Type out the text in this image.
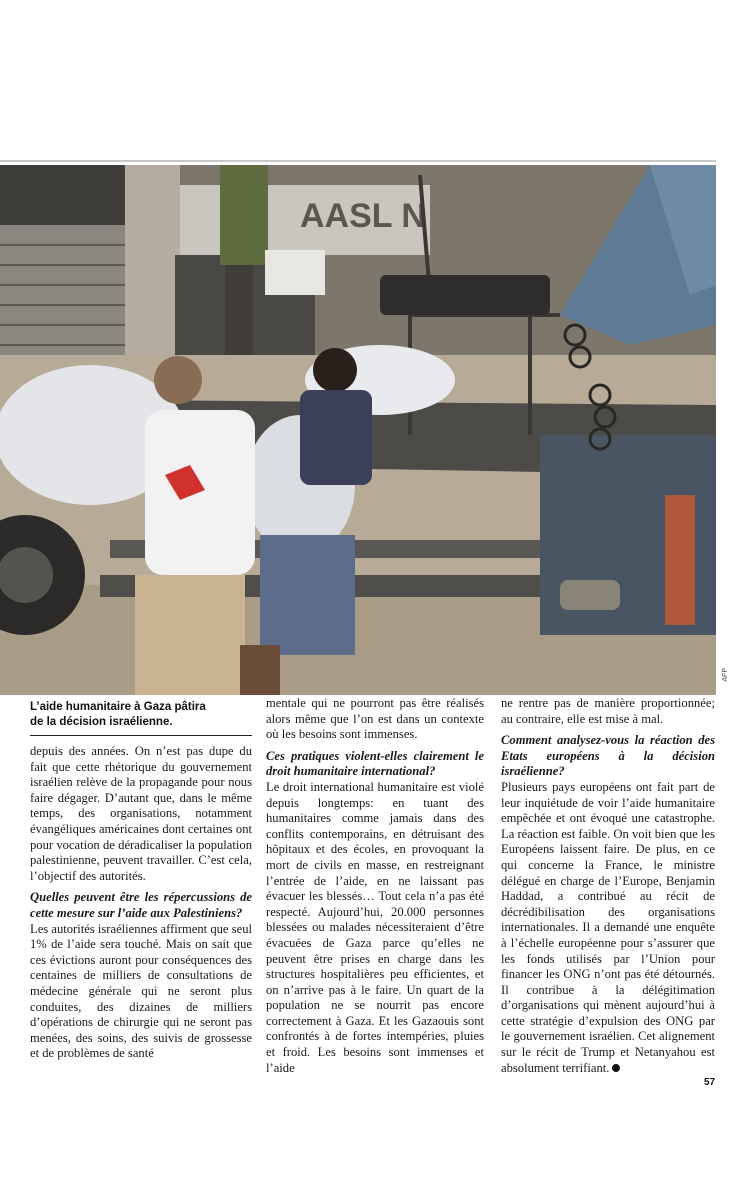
AASL N
AFP
L’aide humanitaire à Gaza pâtira
de la décision israélienne.

depuis des années. On n’est pas dupe du fait que cette rhétorique du gouvernement israélien relève de la propagande pour nous faire dégager. D’autant que, dans le même temps, des organisations, notamment évangéliques américaines dont certaines ont pour vocation de déradicaliser la population palestinienne, peuvent travailler. C’est cela, l’objectif des autorités.

Quelles peuvent être les répercussions de cette mesure sur l’aide aux Palestiniens?

Les autorités israéliennes affirment que seul 1% de l’aide sera touché. Mais on sait que ces évictions auront pour conséquences des centaines de milliers de consultations de médecine générale qui ne seront plus conduites, des dizaines de milliers d’opérations de chirurgie qui ne seront pas menées, des soins, des suivis de grossesse et de problèmes de santé

mentale qui ne pourront pas être réalisés alors même que l’on est dans un contexte où les besoins sont immenses.

Ces pratiques violent-elles clairement le droit humanitaire international?

Le droit international humanitaire est violé depuis longtemps: en tuant des humanitaires comme jamais dans des conflits contemporains, en détruisant des hôpitaux et des écoles, en provoquant la mort de civils en masse, en restreignant l’entrée de l’aide, en ne laissant pas évacuer les blessés… Tout cela n’a pas été respecté. Aujourd’hui, 20.000 personnes blessées ou malades nécessiteraient d’être évacuées de Gaza parce qu’elles ne peuvent être prises en charge dans les structures hospitalières peu efficientes, et on n’arrive pas à le faire. Un quart de la population ne se nourrit pas encore correctement à Gaza. Et les Gazaouis sont confrontés à de fortes intempéries, pluies et froid. Les besoins sont immenses et l’aide

ne rentre pas de manière proportionnée; au contraire, elle est mise à mal.

Comment analysez-vous la réaction des Etats européens à la décision israélienne?

Plusieurs pays européens ont fait part de leur inquiétude de voir l’aide humanitaire empêchée et ont évoqué une catastrophe. La réaction est faible. On voit bien que les Européens laissent faire. De plus, en ce qui concerne la France, le ministre délégué en charge de l’Europe, Benjamin Haddad, a contribué au récit de décrédibilisation des organisations internationales. Il a demandé une enquête à l’échelle européenne pour s’assurer que les fonds utilisés par l’Union pour financer les ONG n’ont pas été détournés. Il contribue à la délégitimation d’organisations qui mènent aujourd’hui à cette stratégie d’expulsion des ONG par le gouvernement israélien. Cet alignement sur le récit de Trump et Netanyahou est absolument terrifiant.

57
